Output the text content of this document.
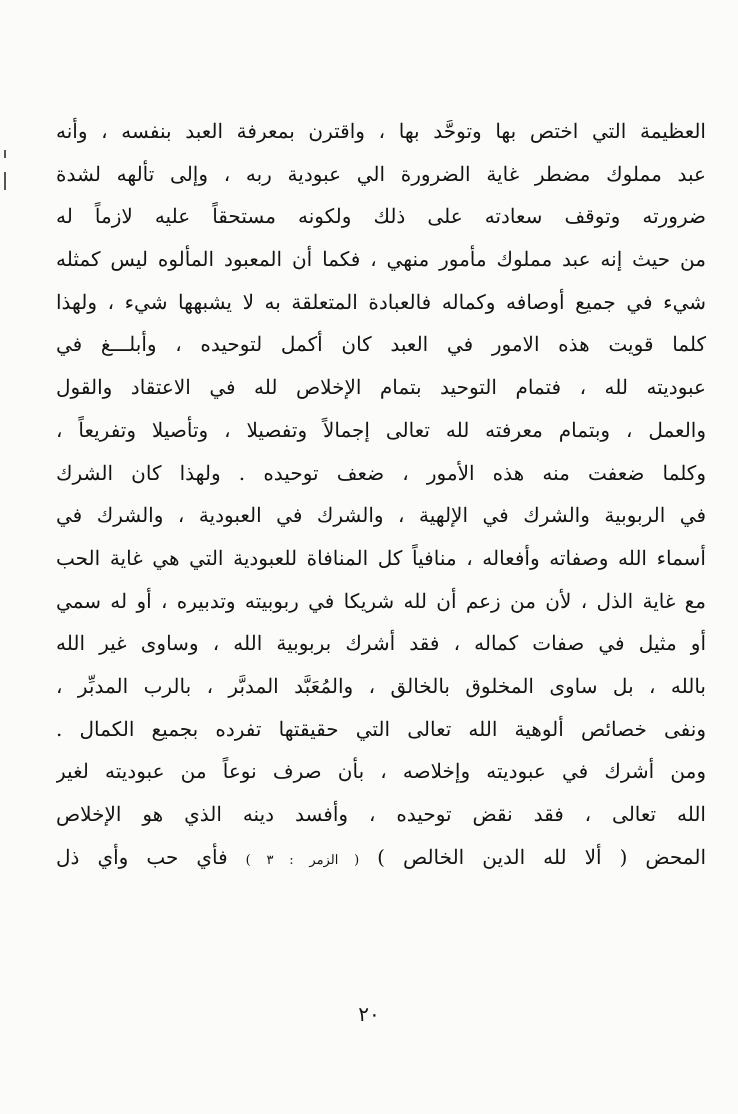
العظيمة التي اختص بها وتوحَّد بها ، واقترن بمعرفة العبد بنفسه ، وأنه
عبد مملوك مضطر غاية الضرورة الي عبودية ربه ، وإلى تألهه لشدة
ضرورته وتوقف سعادته على ذلك ولكونه مستحقاً عليه لازماً له
من حيث إنه عبد مملوك مأمور منهي ، فكما أن المعبود المألوه ليس كمثله
شيء في جميع أوصافه وكماله فالعبادة المتعلقة به لا يشبهها شيء ، ولهذا
كلما قويت هذه الامور في العبد كان أكمل لتوحيده ، وأبلـــغ في
عبوديته لله ، فتمام التوحيد بتمام الإخلاص لله في الاعتقاد والقول
والعمل ، وبتمام معرفته لله تعالى إجمالاً وتفصيلا ، وتأصيلا وتفريعاً ،
وكلما ضعفت منه هذه الأمور ، ضعف توحيده . ولهذا كان الشرك
في الربوبية والشرك في الإلهية ، والشرك في العبودية ، والشرك في
أسماء الله وصفاته وأفعاله ، منافياً كل المنافاة للعبودية التي هي غاية الحب
مع غاية الذل ، لأن من زعم أن لله شريكا في ربوبيته وتدبيره ، أو له سمي
أو مثيل في صفات كماله ، فقد أشرك بربوبية الله ، وساوى غير الله
بالله ، بل ساوى المخلوق بالخالق ، والمُعَبَّد المدبَّر ، بالرب المدبِّر ،
ونفى خصائص ألوهية الله تعالى التي حقيقتها تفرده بجميع الكمال .
ومن أشرك في عبوديته وإخلاصه ، بأن صرف نوعاً من عبوديته لغير
الله تعالى ، فقد نقض توحيده ، وأفسد دينه الذي هو الإخلاص
المحض ( ألا لله الدين الخالص ) ( الزمر : ٣ ) فأي حب وأي ذل
٢٠
